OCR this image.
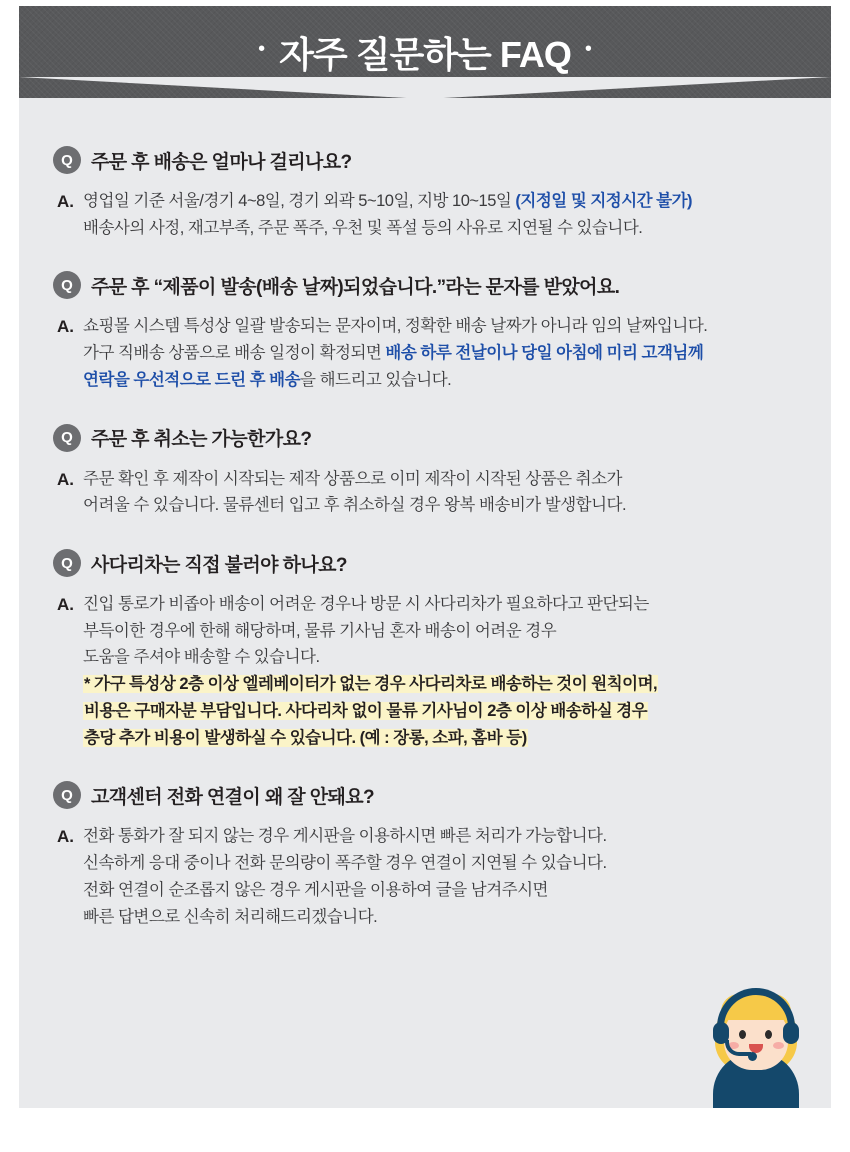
• 자주 질문하는 FAQ •
Q 주문 후 배송은 얼마나 걸리나요?
A. 영업일 기준 서울/경기 4~8일, 경기 외곽 5~10일, 지방 10~15일 (지정일 및 지정시간 불가)
배송사의 사정, 재고부족, 주문 폭주, 우천 및 폭설 등의 사유로 지연될 수 있습니다.
Q 주문 후 “제품이 발송(배송 날짜)되었습니다.”라는 문자를 받았어요.
A. 쇼핑몰 시스템 특성상 일괄 발송되는 문자이며, 정확한 배송 날짜가 아니라 임의 날짜입니다.
가구 직배송 상품으로 배송 일정이 확정되면 배송 하루 전날이나 당일 아침에 미리 고객님께
연락을 우선적으로 드린 후 배송을 해드리고 있습니다.
Q 주문 후 취소는 가능한가요?
A. 주문 확인 후 제작이 시작되는 제작 상품으로 이미 제작이 시작된 상품은 취소가
어려울 수 있습니다. 물류센터 입고 후 취소하실 경우 왕복 배송비가 발생합니다.
Q 사다리차는 직접 불러야 하나요?
A. 진입 통로가 비좁아 배송이 어려운 경우나 방문 시 사다리차가 필요하다고 판단되는
부득이한 경우에 한해 해당하며, 물류 기사님 혼자 배송이 어려운 경우
도움을 주셔야 배송할 수 있습니다.
* 가구 특성상 2층 이상 엘레베이터가 없는 경우 사다리차로 배송하는 것이 원칙이며,
비용은 구매자분 부담입니다. 사다리차 없이 물류 기사님이 2층 이상 배송하실 경우
층당 추가 비용이 발생하실 수 있습니다. (예 : 장롱, 소파, 홈바 등)
Q 고객센터 전화 연결이 왜 잘 안돼요?
A. 전화 통화가 잘 되지 않는 경우 게시판을 이용하시면 빠른 처리가 가능합니다.
신속하게 응대 중이나 전화 문의량이 폭주할 경우 연결이 지연될 수 있습니다.
전화 연결이 순조롭지 않은 경우 게시판을 이용하여 글을 남겨주시면
빠른 답변으로 신속히 처리해드리겠습니다.
